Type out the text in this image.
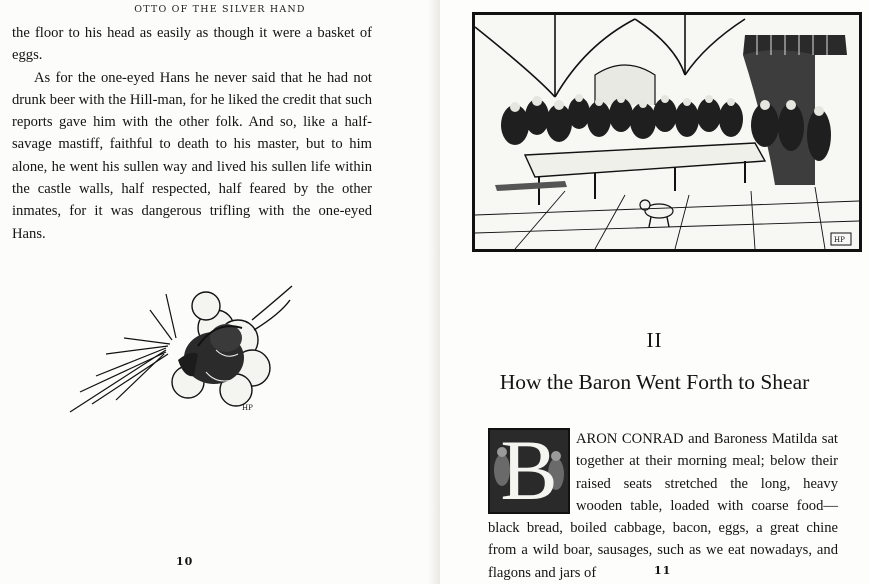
OTTO OF THE SILVER HAND

the floor to his head as easily as though it were a basket of eggs.

As for the one-eyed Hans he never said that he had not drunk beer with the Hill-man, for he liked the credit that such reports gave him with the other folk. And so, like a half-savage mastiff, faithful to death to his master, but to him alone, he went his sullen way and lived his sullen life within the castle walls, half respected, half feared by the other inmates, for it was dangerous trifling with the one-eyed Hans.

HP
10
HP
II
How the Baron Went Forth to Shear
B	ARON CONRAD and Baroness Matilda sat together at their morning meal; below their raised seats stretched the long, heavy wooden table, loaded with coarse food—black bread, boiled cabbage, bacon, eggs, a great chine from a wild boar, sausages, such as we eat nowadays, and flagons and jars of	11
